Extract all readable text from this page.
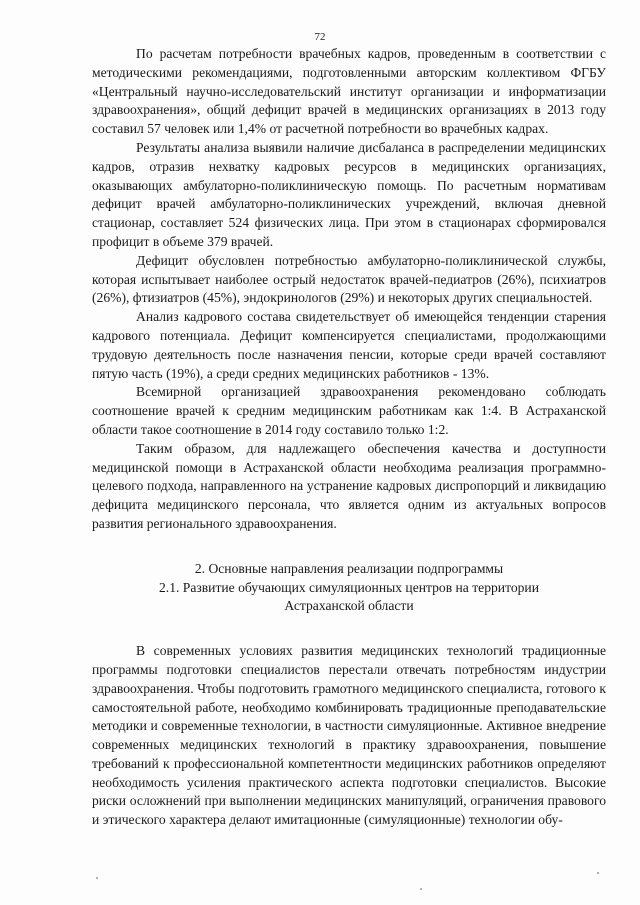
72

По расчетам потребности врачебных кадров, проведенным в соответствии с методическими рекомендациями, подготовленными авторским коллективом ФГБУ «Центральный научно-исследовательский институт организации и информатизации здравоохранения», общий дефицит врачей в медицинских организациях в 2013 году составил 57 человек или 1,4% от расчетной потребности во врачебных кадрах.

Результаты анализа выявили наличие дисбаланса в распределении медицинских кадров, отразив нехватку кадровых ресурсов в медицинских организациях, оказывающих амбулаторно-поликлиническую помощь. По расчетным нормативам дефицит врачей амбулаторно-поликлинических учреждений, включая дневной стационар, составляет 524 физических лица. При этом в стационарах сформировался профицит в объеме 379 врачей.

Дефицит обусловлен потребностью амбулаторно-поликлинической службы, которая испытывает наиболее острый недостаток врачей-педиатров (26%), психиатров (26%), фтизиатров (45%), эндокринологов (29%) и некоторых других специальностей.

Анализ кадрового состава свидетельствует об имеющейся тенденции старения кадрового потенциала. Дефицит компенсируется специалистами, продолжающими трудовую деятельность после назначения пенсии, которые среди врачей составляют пятую часть (19%), а среди средних медицинских работников - 13%.

Всемирной организацией здравоохранения рекомендовано соблюдать соотношение врачей к средним медицинским работникам как 1:4. В Астраханской области такое соотношение в 2014 году составило только 1:2.

Таким образом, для надлежащего обеспечения качества и доступности медицинской помощи в Астраханской области необходима реализация программно-целевого подхода, направленного на устранение кадровых диспропорций и ликвидацию дефицита медицинского персонала, что является одним из актуальных вопросов развития регионального здравоохранения.

2. Основные направления реализации подпрограммы

2.1. Развитие обучающих симуляционных центров на территории

Астраханской области

В современных условиях развития медицинских технологий традиционные программы подготовки специалистов перестали отвечать потребностям индустрии здравоохранения. Чтобы подготовить грамотного медицинского специалиста, готового к самостоятельной работе, необходимо комбинировать традиционные преподавательские методики и современные технологии, в частности симуляционные. Активное внедрение современных медицинских технологий в практику здравоохранения, повышение требований к профессиональной компетентности медицинских работников определяют необходимость усиления практического аспекта подготовки специалистов. Высокие риски осложнений при выполнении медицинских манипуляций, ограничения правового и этического характера делают имитационные (симуляционные) технологии обу-
